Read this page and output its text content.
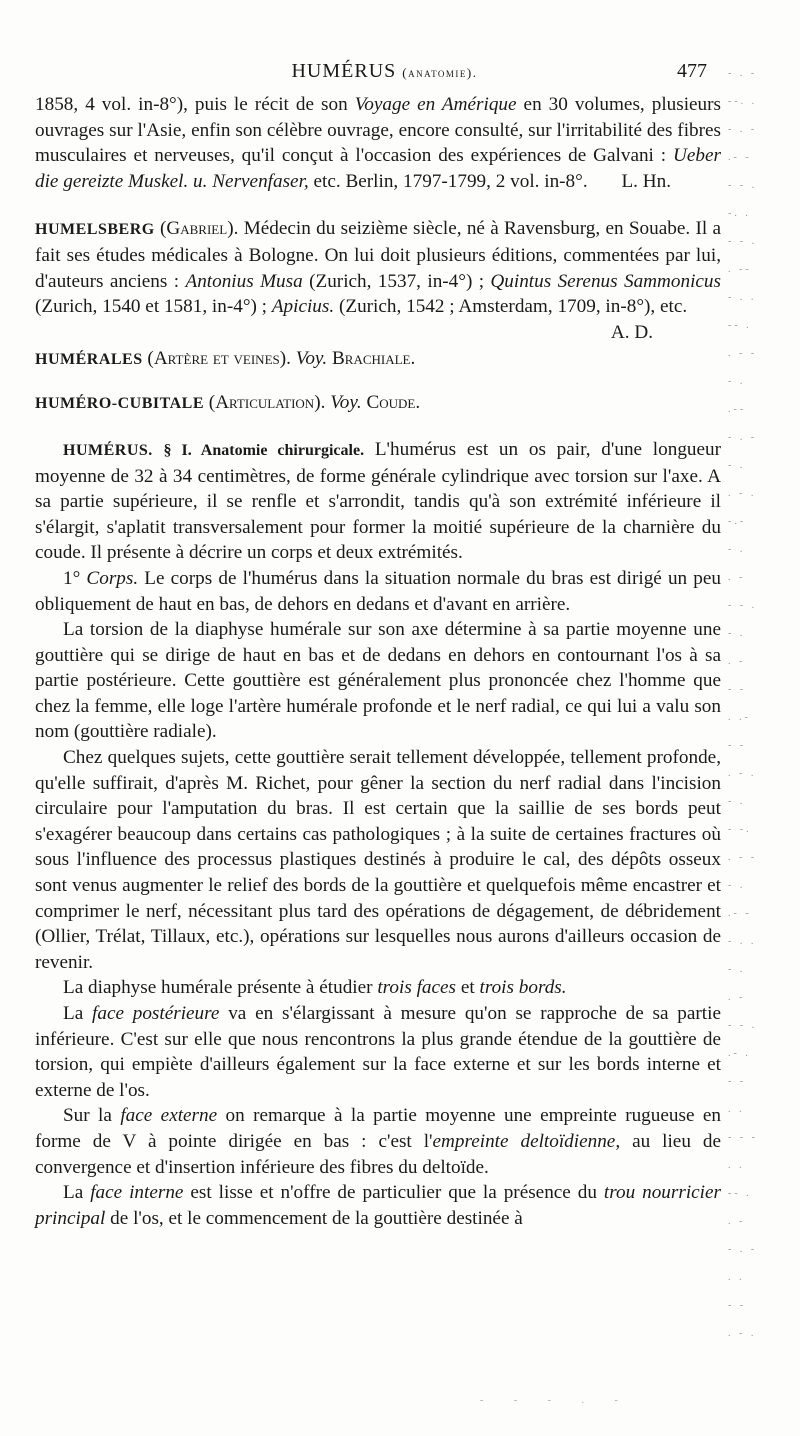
HUMÉRUS (anatomie).	477

1858, 4 vol. in-8°), puis le récit de son Voyage en Amérique en 30 volumes, plusieurs ouvrages sur l'Asie, enfin son célèbre ouvrage, encore consulté, sur l'irritabilité des fibres musculaires et nerveuses, qu'il conçut à l'occasion des expériences de Galvani : Ueber die gereizte Muskel. u. Nervenfaser, etc. Berlin, 1797-1799, 2 vol. in-8°. L. Hn.

HUMELSBERG (Gabriel). Médecin du seizième siècle, né à Ravensburg, en Souabe. Il a fait ses études médicales à Bologne. On lui doit plusieurs éditions, commentées par lui, d'auteurs anciens : Antonius Musa (Zurich, 1537, in-4°) ; Quintus Serenus Sammonicus (Zurich, 1540 et 1581, in-4°) ; Apicius. (Zurich, 1542 ; Amsterdam, 1709, in-8°), etc.
A. D.

HUMÉRALES (Artère et veines). Voy. Brachiale.

HUMÉRO-CUBITALE (Articulation). Voy. Coude.

HUMÉRUS. § I. Anatomie chirurgicale. L'humérus est un os pair, d'une longueur moyenne de 32 à 34 centimètres, de forme générale cylindrique avec torsion sur l'axe. A sa partie supérieure, il se renfle et s'arrondit, tandis qu'à son extrémité inférieure il s'élargit, s'aplatit transversalement pour former la moitié supérieure de la charnière du coude. Il présente à décrire un corps et deux extrémités.

1° Corps. Le corps de l'humérus dans la situation normale du bras est dirigé un peu obliquement de haut en bas, de dehors en dedans et d'avant en arrière.

La torsion de la diaphyse humérale sur son axe détermine à sa partie moyenne une gouttière qui se dirige de haut en bas et de dedans en dehors en contournant l'os à sa partie postérieure. Cette gouttière est généralement plus prononcée chez l'homme que chez la femme, elle loge l'artère humérale profonde et le nerf radial, ce qui lui a valu son nom (gouttière radiale).

Chez quelques sujets, cette gouttière serait tellement développée, tellement profonde, qu'elle suffirait, d'après M. Richet, pour gêner la section du nerf radial dans l'incision circulaire pour l'amputation du bras. Il est certain que la saillie de ses bords peut s'exagérer beaucoup dans certains cas pathologiques ; à la suite de certaines fractures où sous l'influence des processus plastiques destinés à produire le cal, des dépôts osseux sont venus augmenter le relief des bords de la gouttière et quelquefois même encastrer et comprimer le nerf, nécessitant plus tard des opérations de dégagement, de débridement (Ollier, Trélat, Tillaux, etc.), opérations sur lesquelles nous aurons d'ailleurs occasion de revenir.

La diaphyse humérale présente à étudier trois faces et trois bords.

La face postérieure va en s'élargissant à mesure qu'on se rapproche de sa partie inférieure. C'est sur elle que nous rencontrons la plus grande étendue de la gouttière de torsion, qui empiète d'ailleurs également sur la face externe et sur les bords interne et externe de l'os.

Sur la face externe on remarque à la partie moyenne une empreinte rugueuse en forme de V à pointe dirigée en bas : c'est l'empreinte deltoïdienne, au lieu de convergence et d'insertion inférieure des fibres du deltoïde.

La face interne est lisse et n'offre de particulier que la présence du trou nourricier principal de l'os, et le commencement de la gouttière destinée à

‑ . -
‑-. .
- . ‑
.- -
- ‑ .
-. .
‑ - .
. -‑
- . .
-‑ .
. ‑ -
- .
.-‑
- . -
‑ .
. - .
-.‑
- .
. ‑
- - .
‑ .
. -
- ‑
. .-
‑ -
. ‑ .
- .
‑ -.
. - ‑
- .
.‑ -
- . .
‑ .
. -
- ‑ .
.- .
‑ -
. .
- ‑ -
. .
-‑ .
. -
- . ‑
. .
‑ -
. - .
- - - . -
